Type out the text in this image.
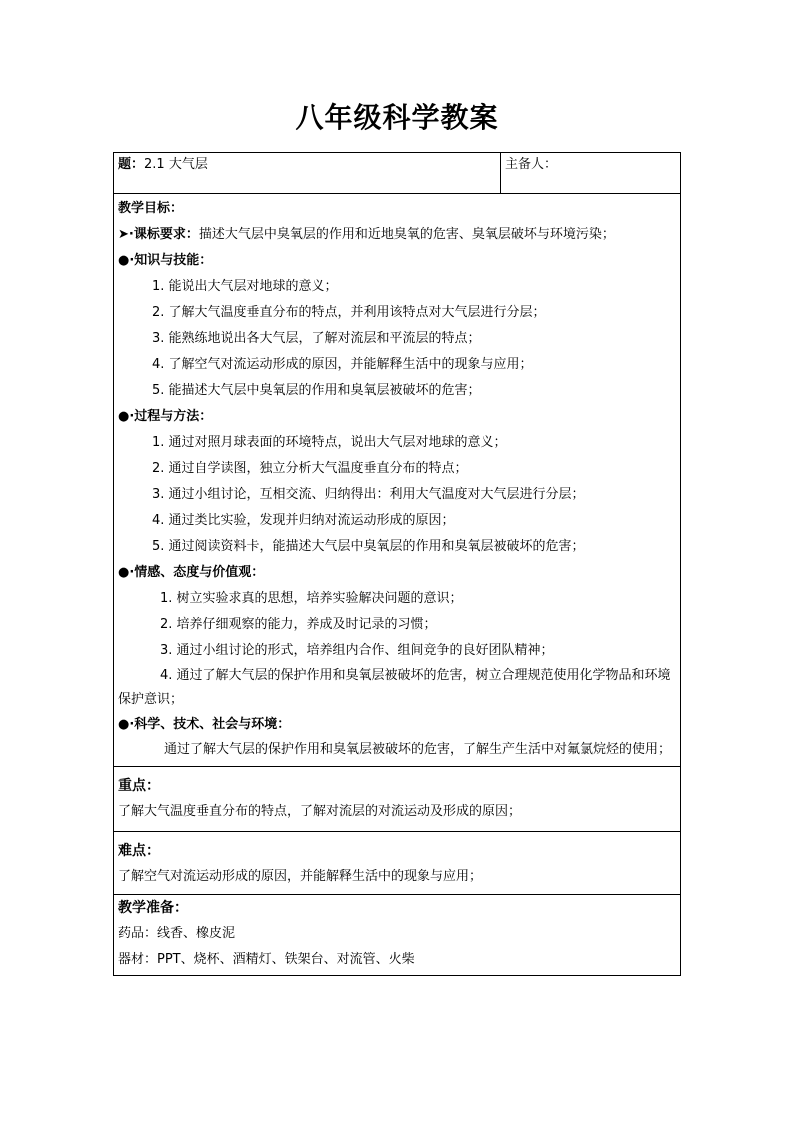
八年级科学教案
题：2.1 大气层	主备人：

教学目标：
➤·课标要求：描述大气层中臭氧层的作用和近地臭氧的危害、臭氧层破坏与环境污染；
●·知识与技能：
1. 能说出大气层对地球的意义；
2. 了解大气温度垂直分布的特点，并利用该特点对大气层进行分层；
3. 能熟练地说出各大气层，了解对流层和平流层的特点；
4. 了解空气对流运动形成的原因，并能解释生活中的现象与应用；
5. 能描述大气层中臭氧层的作用和臭氧层被破坏的危害；
●·过程与方法：
1. 通过对照月球表面的环境特点，说出大气层对地球的意义；
2. 通过自学读图，独立分析大气温度垂直分布的特点；
3. 通过小组讨论，互相交流、归纳得出：利用大气温度对大气层进行分层；
4. 通过类比实验，发现并归纳对流运动形成的原因；
5. 通过阅读资料卡，能描述大气层中臭氧层的作用和臭氧层被破坏的危害；
●·情感、态度与价值观：
1. 树立实验求真的思想，培养实验解决问题的意识；
2. 培养仔细观察的能力，养成及时记录的习惯；
3. 通过小组讨论的形式，培养组内合作、组间竞争的良好团队精神；
4. 通过了解大气层的保护作用和臭氧层被破坏的危害，树立合理规范使用化学物品和环境保护意识；
●·科学、技术、社会与环境：
通过了解大气层的保护作用和臭氧层被破坏的危害，了解生产生活中对氟氯烷烃的使用；

重点：
了解大气温度垂直分布的特点，了解对流层的对流运动及形成的原因；

难点：
了解空气对流运动形成的原因，并能解释生活中的现象与应用；

教学准备：
药品：线香、橡皮泥
器材：PPT、烧杯、酒精灯、铁架台、对流管、火柴
